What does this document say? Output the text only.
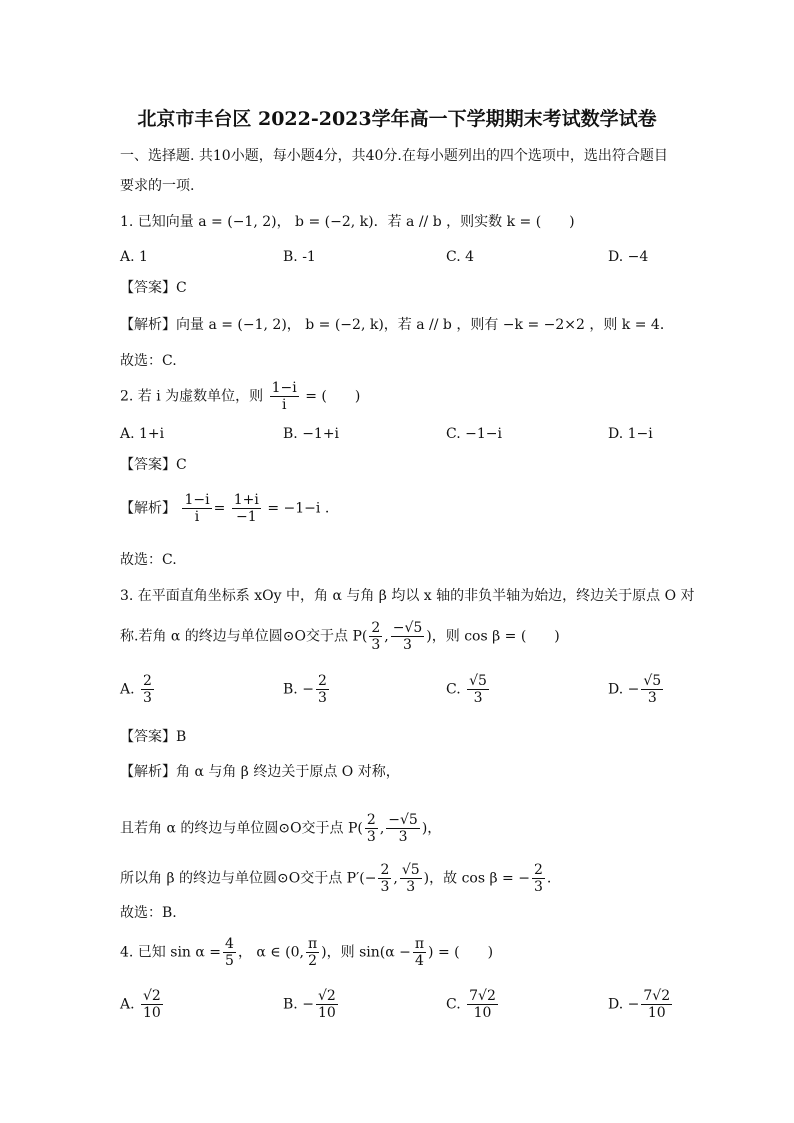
北京市丰台区 2022-2023学年高一下学期期末考试数学试卷
一、选择题. 共10小题，每小题4分，共40分.在每小题列出的四个选项中，选出符合题目
要求的一项.
1. 已知向量 a = (−1, 2)， b = (−2, k)．若 a // b ，则实数 k = (　　)
A. 1	B. -1	C. 4	D. −4
【答案】C
【解析】向量 a = (−1, 2)， b = (−2, k)，若 a // b ，则有 −k = −2×2 ，则 k = 4．
故选：C.
2. 若 i 为虚数单位，则 $\frac{1-i}{i}$ = (　　)
A. 1+i	B. −1+i	C. −1−i	D. 1−i
【答案】C
【解析】 $\frac{1-i}{i} = \frac{1+i}{-1} = -1-i$ .
故选：C.
3. 在平面直角坐标系 xOy 中，角 α 与角 β 均以 x 轴的非负半轴为始边，终边关于原点 O 对
称.若角 α 的终边与单位圆⊙O交于点 $P( \frac{2}{3}$ , $\frac{-√5}{3}$ )，则 cos β = (　　)
A. $\frac{2}{3}$	B. − $\frac{2}{3}$	C. $\frac{√5}{3}$	D. − $\frac{√5}{3}$
【答案】B
【解析】角 α 与角 β 终边关于原点 O 对称，
且若角 α 的终边与单位圆⊙O交于点 $P( \frac{2}{3}$ , $\frac{-√5}{3}$ )，
所以角 β 的终边与单位圆⊙O交于点 $P'(- \frac{2}{3}$ , $\frac{√5}{3}$ )，故 cos β = − $\frac{2}{3}$ .
故选：B.
4. 已知 $\sin \alpha = \frac{4}{5}$ ， α ∈ (0, $\frac{\pi}{2}$ )，则 $\sin(\alpha - \frac{\pi}{4}$ ) = (　　)
A. $\frac{√2}{10}$	B. − $\frac{√2}{10}$	C. $\frac{7√2}{10}$	D. − $\frac{7√2}{10}$
